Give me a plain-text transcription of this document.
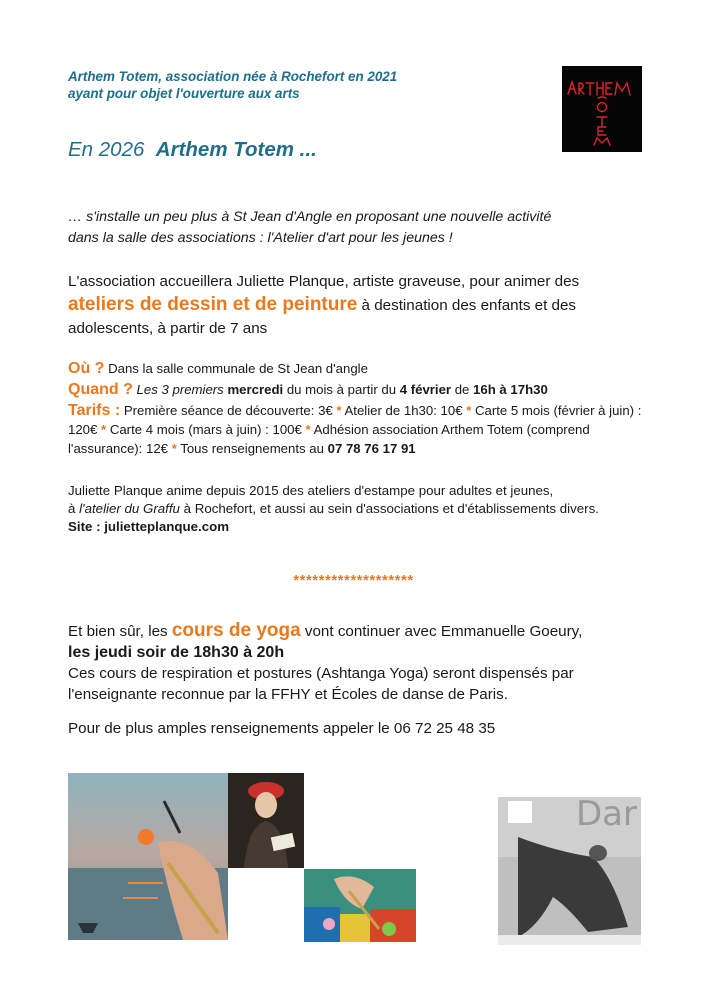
Arthem Totem, association née à Rochefort en 2021
ayant pour objet l'ouverture aux arts
En 2026 Arthem Totem ...
… s'installe un peu plus à St Jean d'Angle en proposant une nouvelle activité
dans la salle des associations : l'Atelier d'art pour les jeunes !
L'association accueillera Juliette Planque, artiste graveuse, pour animer des
ateliers de dessin et de peinture à destination des enfants et des adolescents, à partir de 7 ans
Où ? Dans la salle communale de St Jean d'angle
Quand ? Les 3 premiers mercredi du mois à partir du 4 février de 16h à 17h30
Tarifs : Première séance de découverte: 3€ * Atelier de 1h30: 10€ * Carte 5 mois (février à juin) : 120€ * Carte 4 mois (mars à juin) : 100€ * Adhésion association Arthem Totem (comprend l'assurance): 12€ * Tous renseignements au 07 78 76 17 91
Juliette Planque anime depuis 2015 des ateliers d'estampe pour adultes et jeunes,
à l'atelier du Graffu à Rochefort, et aussi au sein d'associations et d'établissements divers.
Site : julietteplanque.com
*******************
Et bien sûr, les cours de yoga vont continuer avec Emmanuelle Goeury,
les jeudi soir de 18h30 à 20h
Ces cours de respiration et postures (Ashtanga Yoga) seront dispensés par
l'enseignante reconnue par la FFHY et Écoles de danse de Paris.
Pour de plus amples renseignements appeler le 06 72 25 48 35
Dar
